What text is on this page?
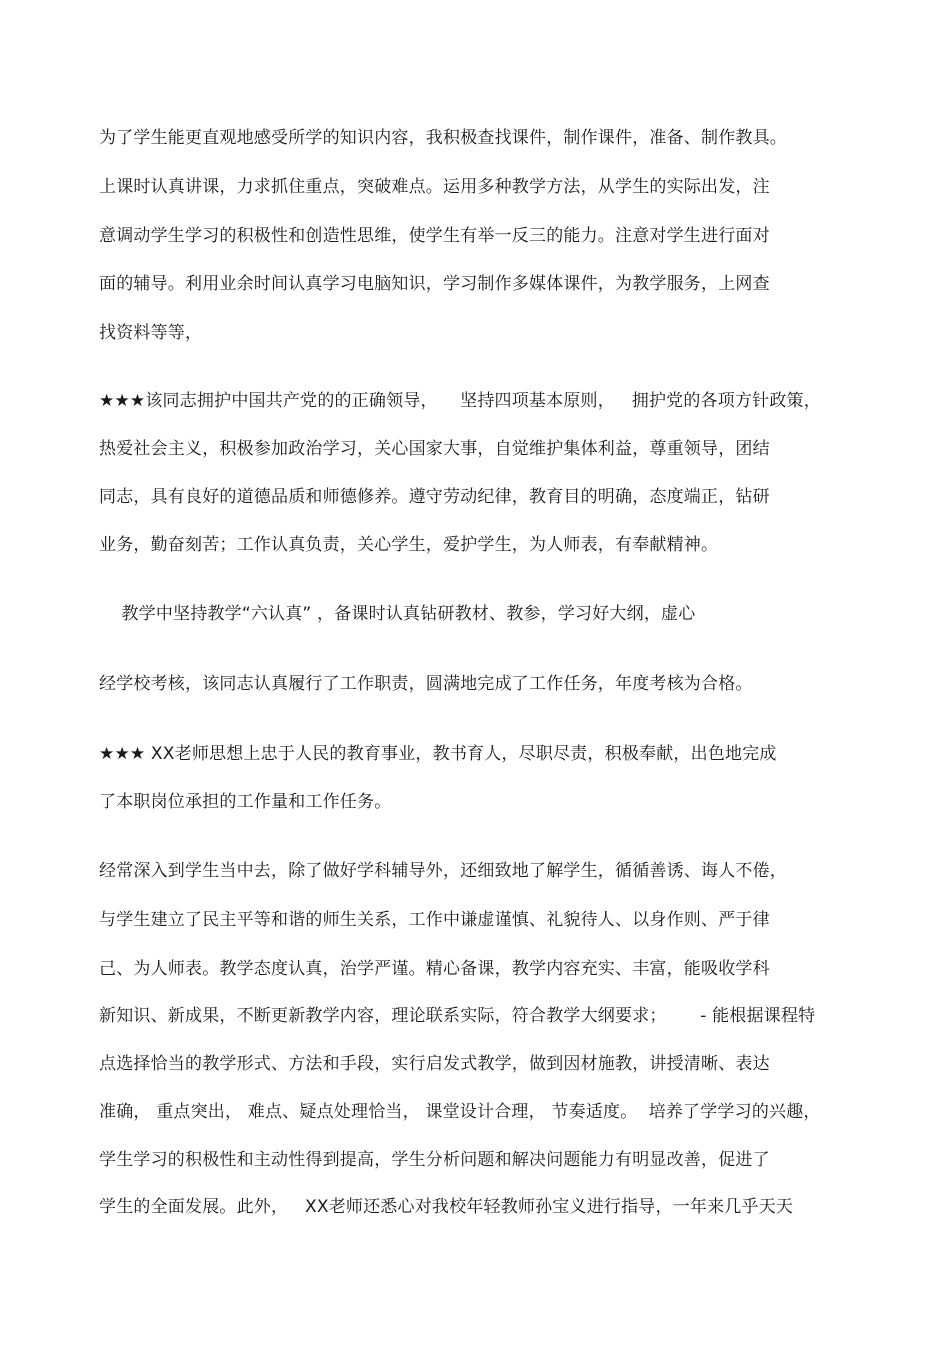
为了学生能更直观地感受所学的知识内容，我积极查找课件，制作课件，准备、制作教具。
上课时认真讲课，力求抓住重点，突破难点。运用多种教学方法，从学生的实际出发，注
意调动学生学习的积极性和创造性思维，使学生有举一反三的能力。注意对学生进行面对
面的辅导。利用业余时间认真学习电脑知识，学习制作多媒体课件，为教学服务，上网查
找资料等等，
★★★该同志拥护中国共产党的的正确领导，    坚持四项基本原则，   拥护党的各项方针政策，
热爱社会主义，积极参加政治学习，关心国家大事，自觉维护集体利益，尊重领导，团结
同志，具有良好的道德品质和师德修养。遵守劳动纪律，教育目的明确，态度端正，钻研
业务，勤奋刻苦；工作认真负责，关心学生，爱护学生，为人师表，有奉献精神。
教学中坚持教学“六认真” ，备课时认真钻研教材、教参，学习好大纲，虚心
经学校考核，该同志认真履行了工作职责，圆满地完成了工作任务，年度考核为合格。
★★★ XX老师思想上忠于人民的教育事业，教书育人，尽职尽责，积极奉献，出色地完成
了本职岗位承担的工作量和工作任务。
经常深入到学生当中去，除了做好学科辅导外，还细致地了解学生，循循善诱、诲人不倦，
与学生建立了民主平等和谐的师生关系，工作中谦虚谨慎、礼貌待人、以身作则、严于律
己、为人师表。教学态度认真，治学严谨。精心备课，教学内容充实、丰富，能吸收学科
新知识、新成果，不断更新教学内容，理论联系实际，符合教学大纲要求；      - 能根据课程特
点选择恰当的教学形式、方法和手段，实行启发式教学，做到因材施教，讲授清晰、表达
准确， 重点突出， 难点、疑点处理恰当， 课堂设计合理， 节奏适度。  培养了学学习的兴趣，
学生学习的积极性和主动性得到提高，学生分析问题和解决问题能力有明显改善，促进了
学生的全面发展。此外，   XX老师还悉心对我校年轻教师孙宝义进行指导，一年来几乎天天
